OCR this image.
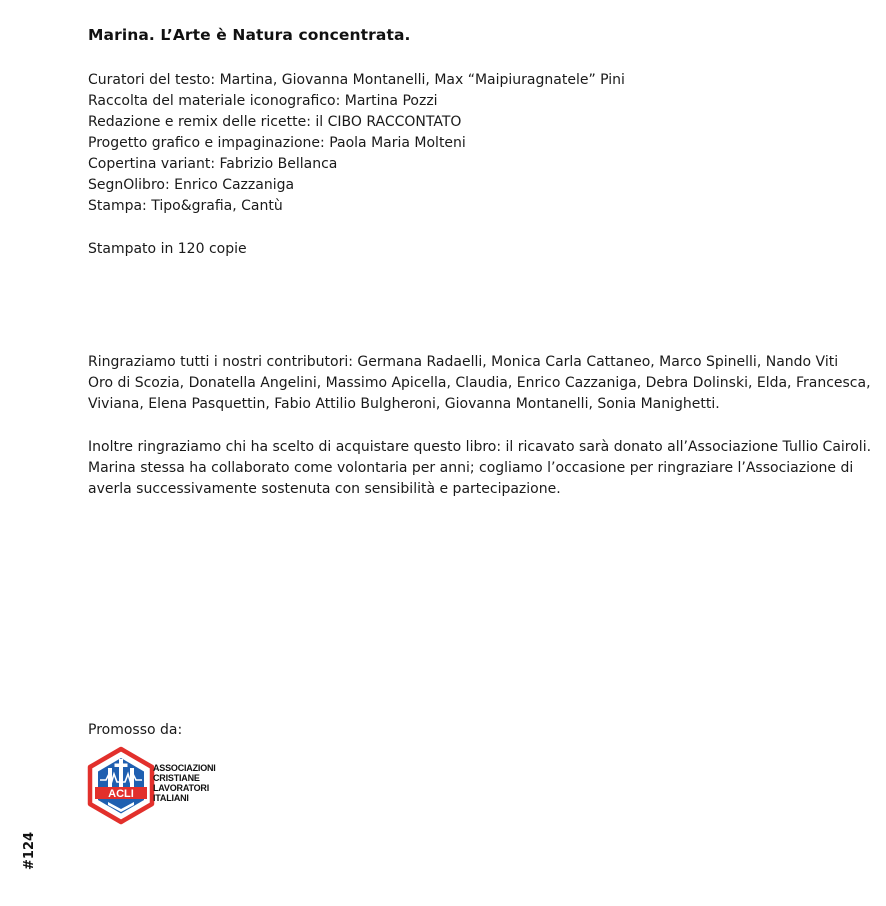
Marina. L’Arte è Natura concentrata.
Curatori del testo: Martina, Giovanna Montanelli, Max “Maipiuragnatele” Pini
Raccolta del materiale iconografico: Martina Pozzi
Redazione e remix delle ricette: il CIBO RACCONTATO
Progetto grafico e impaginazione: Paola Maria Molteni
Copertina variant: Fabrizio Bellanca
SegnOlibro: Enrico Cazzaniga
Stampa: Tipo&grafia, Cantù
Stampato in 120 copie
Ringraziamo tutti i nostri contributori: Germana Radaelli, Monica Carla Cattaneo, Marco Spinelli, Nando Viti
Oro di Scozia, Donatella Angelini, Massimo Apicella, Claudia, Enrico Cazzaniga, Debra Dolinski, Elda, Francesca,
Viviana, Elena Pasquettin, Fabio Attilio Bulgheroni, Giovanna Montanelli, Sonia Manighetti.
Inoltre ringraziamo chi ha scelto di acquistare questo libro: il ricavato sarà donato all’Associazione Tullio Cairoli.
Marina stessa ha collaborato come volontaria per anni; cogliamo l’occasione per ringraziare l’Associazione di
averla successivamente sostenuta con sensibilità e partecipazione.
Promosso da:
ACLI
ASSOCIAZIONI
CRISTIANE
LAVORATORI
ITALIANI
#124
